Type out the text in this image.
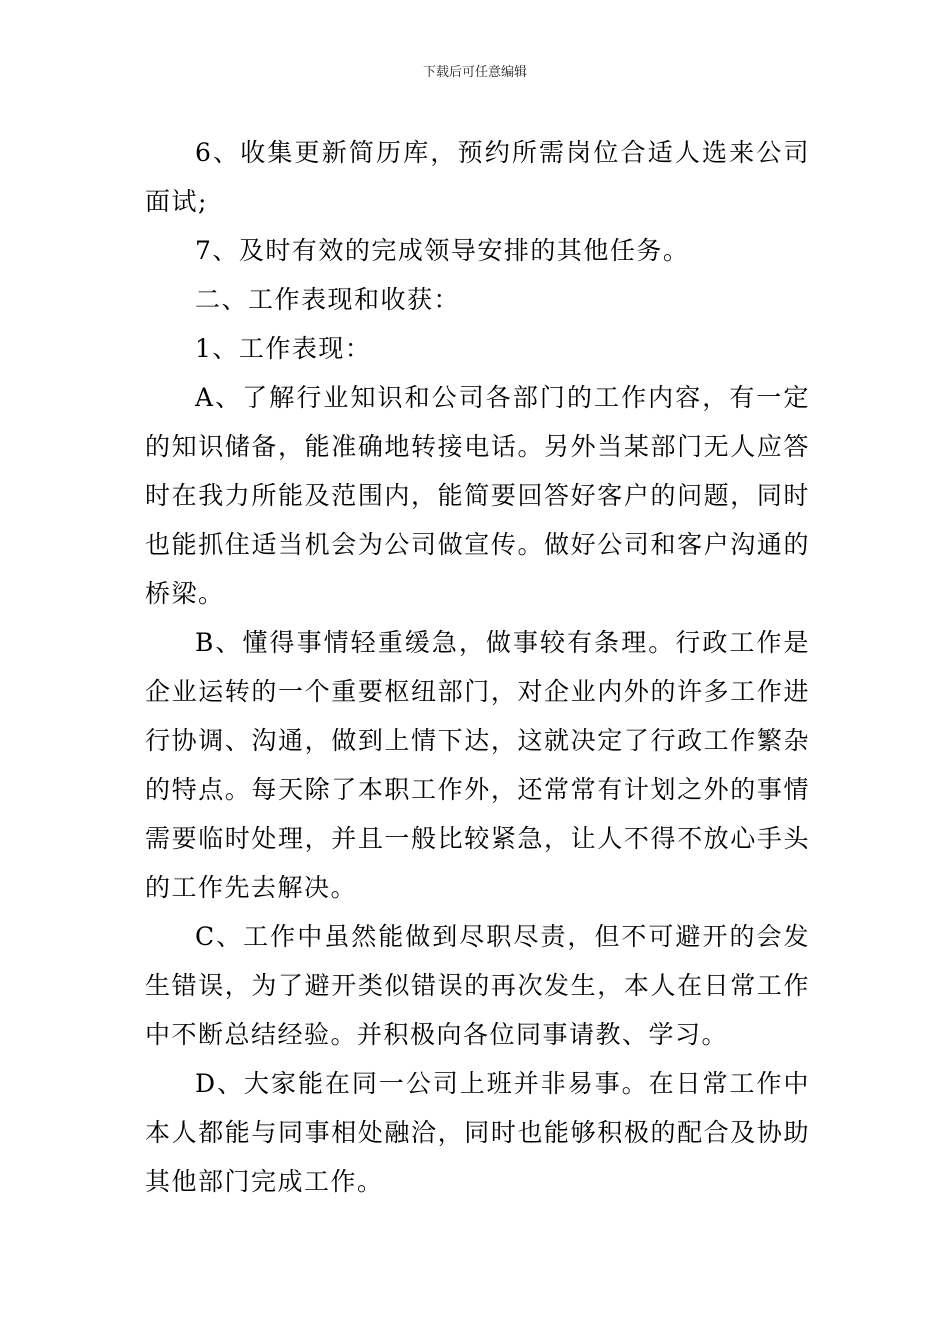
下载后可任意编辑

6、收集更新简历库，预约所需岗位合适人选来公司面试;

7、及时有效的完成领导安排的其他任务。

二、工作表现和收获：

1、工作表现：

A、了解行业知识和公司各部门的工作内容，有一定的知识储备，能准确地转接电话。另外当某部门无人应答时在我力所能及范围内，能简要回答好客户的问题，同时也能抓住适当机会为公司做宣传。做好公司和客户沟通的桥梁。

B、懂得事情轻重缓急，做事较有条理。行政工作是企业运转的一个重要枢纽部门，对企业内外的许多工作进行协调、沟通，做到上情下达，这就决定了行政工作繁杂的特点。每天除了本职工作外，还常常有计划之外的事情需要临时处理，并且一般比较紧急，让人不得不放心手头的工作先去解决。

C、工作中虽然能做到尽职尽责，但不可避开的会发生错误，为了避开类似错误的再次发生，本人在日常工作中不断总结经验。并积极向各位同事请教、学习。

D、大家能在同一公司上班并非易事。在日常工作中本人都能与同事相处融洽，同时也能够积极的配合及协助其他部门完成工作。
